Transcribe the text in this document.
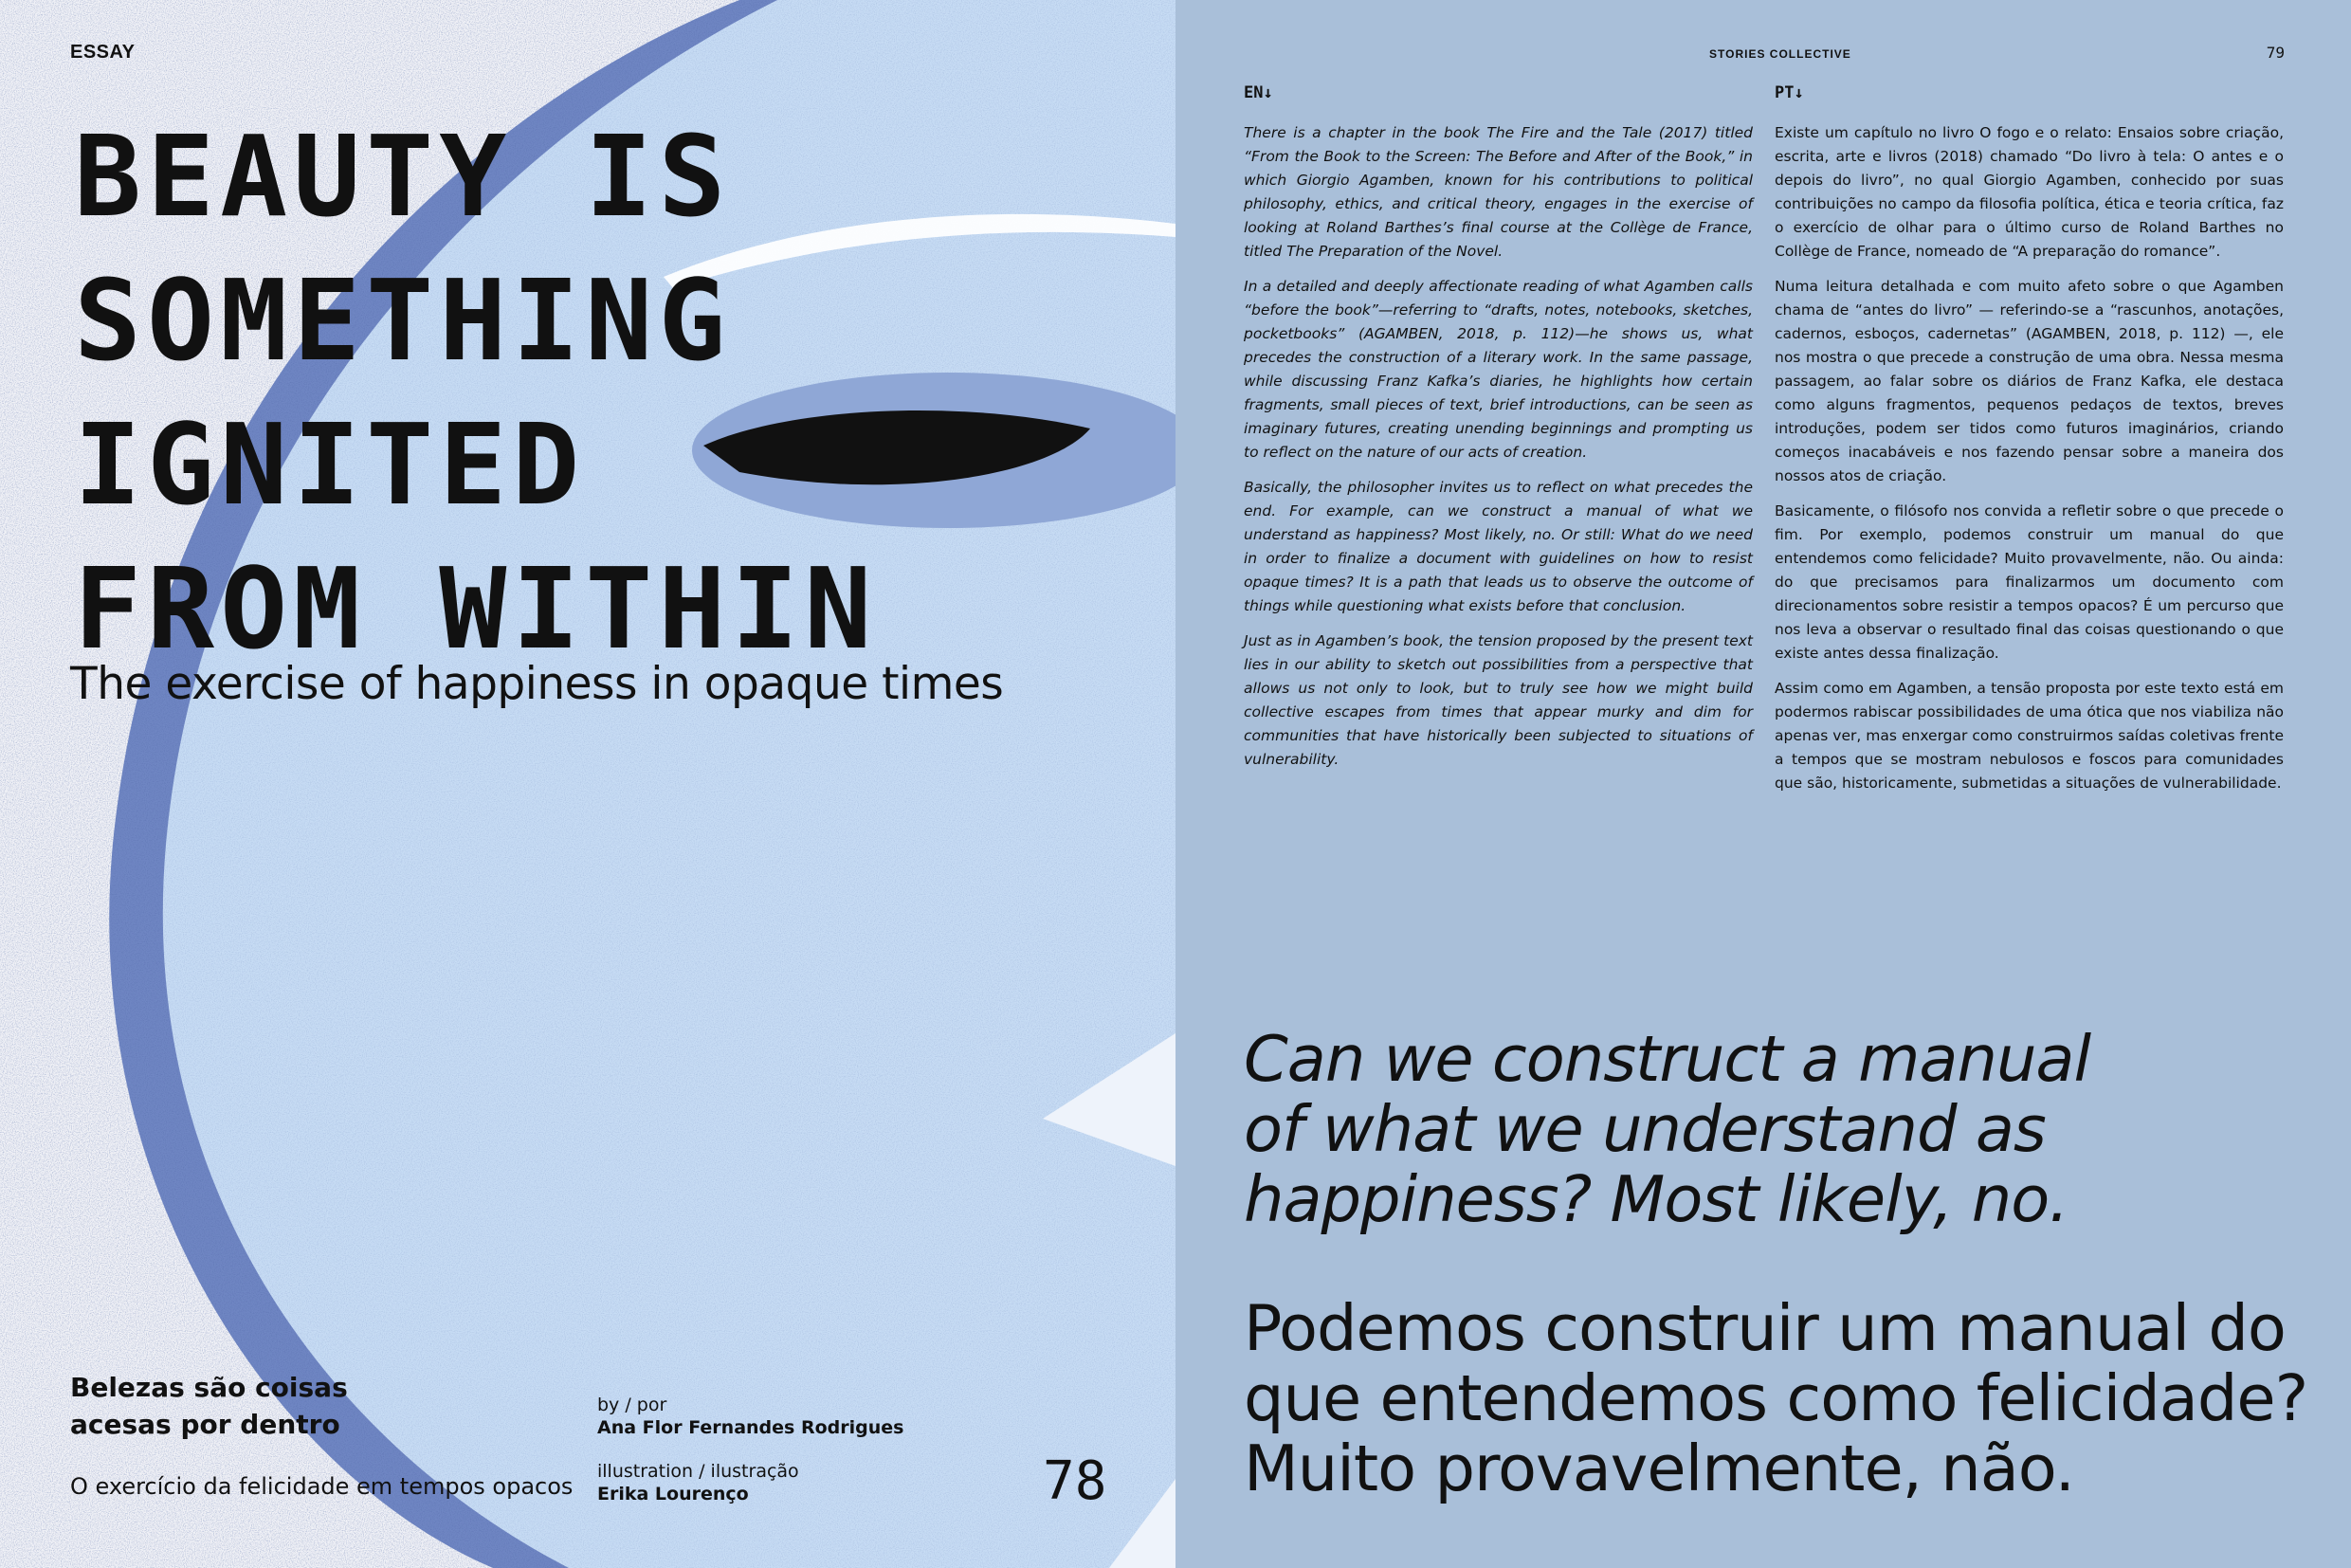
ESSAY
BEAUTY IS
SOMETHING
IGNITED
FROM WITHIN
The exercise of happiness in opaque times
Belezas são coisas
acesas por dentro
O exercício da felicidade em tempos opacos
by / por
Ana Flor Fernandes Rodrigues
illustration / ilustração
Erika Lourenço	78
STORIES COLLECTIVE	79
EN↓	PT↓

There is a chapter in the book The Fire and the Tale (2017) titled “From the Book to the Screen: The Before and After of the Book,” in which Giorgio Agamben, known for his contributions to political philosophy, ethics, and critical theory, engages in the exercise of looking at Roland Barthes’s final course at the Collège de France, titled The Preparation of the Novel.

In a detailed and deeply affectionate reading of what Agamben calls “before the book”—referring to “drafts, notes, notebooks, sketches, pocketbooks” (AGAMBEN, 2018, p. 112)—he shows us, what precedes the construction of a literary work. In the same passage, while discussing Franz Kafka’s diaries, he highlights how certain fragments, small pieces of text, brief introductions, can be seen as imaginary futures, creating unending beginnings and prompting us to reflect on the nature of our acts of creation.

Basically, the philosopher invites us to reflect on what precedes the end. For example, can we construct a manual of what we understand as happiness? Most likely, no. Or still: What do we need in order to finalize a document with guidelines on how to resist opaque times? It is a path that leads us to observe the outcome of things while questioning what exists before that conclusion.

Just as in Agamben’s book, the tension proposed by the present text lies in our ability to sketch out possibilities from a perspective that allows us not only to look, but to truly see how we might build collective escapes from times that appear murky and dim for communities that have historically been subjected to situations of vulnerability.

Existe um capítulo no livro O fogo e o relato: Ensaios sobre criação, escrita, arte e livros (2018) chamado “Do livro à tela: O antes e o depois do livro”, no qual Giorgio Agamben, conhecido por suas contribuições no campo da filosofia política, ética e teoria crítica, faz o exercício de olhar para o último curso de Roland Barthes no Collège de France, nomeado de “A preparação do romance”.

Numa leitura detalhada e com muito afeto sobre o que Agamben chama de “antes do livro” — referindo-se a “rascunhos, anotações, cadernos, esboços, cadernetas” (AGAMBEN, 2018, p. 112) —, ele nos mostra o que precede a construção de uma obra. Nessa mesma passagem, ao falar sobre os diários de Franz Kafka, ele destaca como alguns fragmentos, pequenos pedaços de textos, breves introduções, podem ser tidos como futuros imaginários, criando começos inacabáveis e nos fazendo pensar sobre a maneira dos nossos atos de criação.

Basicamente, o filósofo nos convida a refletir sobre o que precede o fim. Por exemplo, podemos construir um manual do que entendemos como felicidade? Muito provavelmente, não. Ou ainda: do que precisamos para finalizarmos um documento com direcionamentos sobre resistir a tempos opacos? É um percurso que nos leva a observar o resultado final das coisas questionando o que existe antes dessa finalização.

Assim como em Agamben, a tensão proposta por este texto está em podermos rabiscar possibilidades de uma ótica que nos viabiliza não apenas ver, mas enxergar como construirmos saídas coletivas frente a tempos que se mostram nebulosos e foscos para comunidades que são, historicamente, submetidas a situações de vulnerabilidade.

Can we construct a manual
of what we understand as
happiness? Most likely, no.
Podemos construir um manual do
que entendemos como felicidade?
Muito provavelmente, não.
